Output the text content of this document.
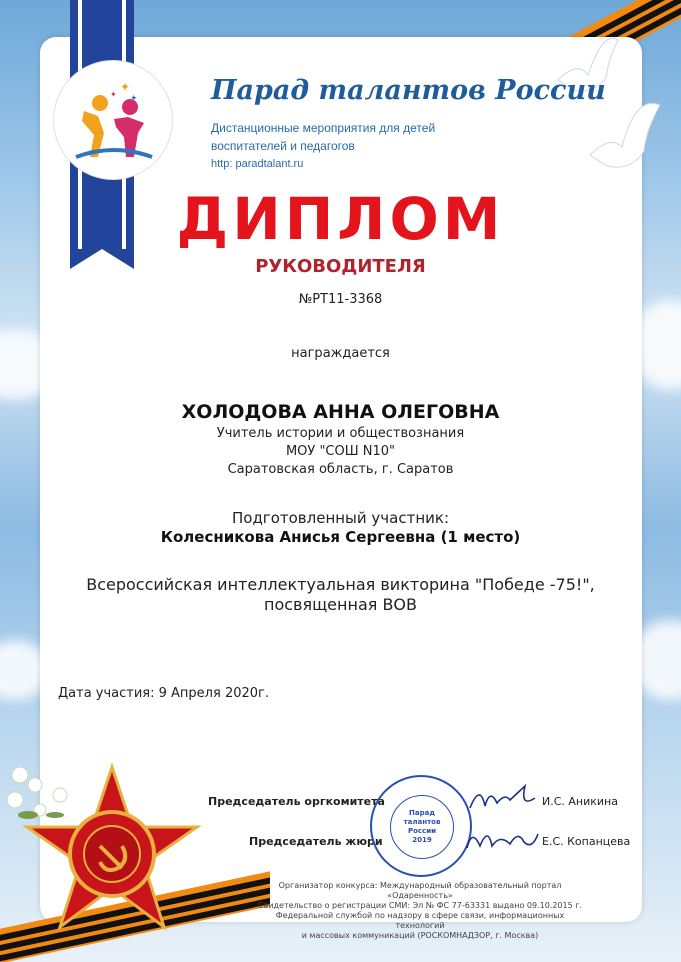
✦
✦
✦	Парад талантов России
Дистанционные мероприятия для детей
воспитателей и педагогов
http: paradtalant.ru
ДИПЛОМ
РУКОВОДИТЕЛЯ
№РТ11-3368
награждается
ХОЛОДОВА АННА ОЛЕГОВНА
Учитель истории и обществознания
МОУ "СОШ N10"
Саратовская область, г. Саратов
Подготовленный участник:
Колесникова Анисья Сергеевна (1 место)
Всероссийская интеллектуальная викторина "Победе -75!", посвященная ВОВ
Дата участия: 9 Апреля 2020г.
Председатель оргкомитета	И.С. Аникина
Председатель жюри	Е.С. Копанцева
Парад
талантов
России
2019
Организатор конкурса: Международный образовательный портал «Одаренность»
Свидетельство о регистрации СМИ: Эл № ФС 77-63331 выдано 09.10.2015 г.
Федеральной службой по надзору в сфере связи, информационных технологий
и массовых коммуникаций (РОСКОМНАДЗОР, г. Москва)
